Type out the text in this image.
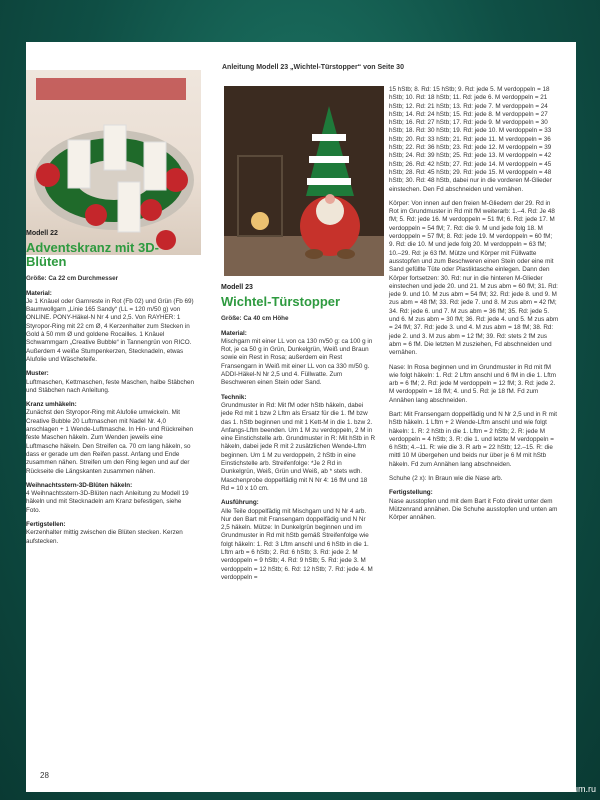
Anleitung Modell 23 „Wichtel-Türstopper“ von Seite 30
Modell 22
Adventskranz mit 3D-Blüten

Größe: Ca 22 cm Durchmesser

Material:
Je 1 Knäuel oder Garnreste in Rot (Fb 02) und Grün (Fb 69) Baumwollgarn „Linie 165 Sandy“ (LL = 120 m/50 g) von ONLINE. PONY-Häkel-N Nr 4 und 2,5. Von RAYHER: 1 Styropor-Ring mit 22 cm Ø, 4 Kerzenhalter zum Stecken in Gold à 50 mm Ø und goldene Rocailles. 1 Knäuel Schwammgarn „Creative Bubble“ in Tannengrün von RICO. Außerdem 4 weiße Stumpenkerzen, Stecknadeln, etwas Alufolie und Wäscheteife.

Muster:
Luftmaschen, Kettmaschen, feste Maschen, halbe Stäbchen und Stäbchen nach Anleitung.

Kranz umhäkeln:
Zunächst den Styropor-Ring mit Alufolie umwickeln. Mit Creative Bubble 20 Luftmaschen mit Nadel Nr. 4,0 anschlagen + 1 Wende-Luftmasche. In Hin- und Rückreihen feste Maschen häkeln. Zum Wenden jeweils eine Luftmasche häkeln. Den Streifen ca. 70 cm lang häkeln, so dass er gerade um den Reifen passt. Anfang und Ende zusammen nähen. Streifen um den Ring legen und auf der Rückseite die Längskanten zusammen nähen.

Weihnachtsstern-3D-Blüten häkeln:
4 Weihnachtsstern-3D-Blüten nach Anleitung zu Modell 19 häkeln und mit Stecknadeln am Kranz befestigen, siehe Foto.

Fertigstellen:
Kerzenhalter mittig zwischen die Blüten stecken. Kerzen aufstecken.

Modell 23
Wichtel-Türstopper

Größe: Ca 40 cm Höhe

Material:
Mischgarn mit einer LL von ca 130 m/50 g: ca 100 g in Rot, je ca 50 g in Grün, Dunkelgrün, Weiß und Braun sowie ein Rest in Rosa; außerdem ein Rest Fransengarn in Weiß mit einer LL von ca 330 m/50 g. ADDI-Häkel-N Nr 2,5 und 4. Füllwatte. Zum Beschweren einen Stein oder Sand.

Technik:
Grundmuster in Rd: Mit fM oder hStb häkeln, dabei jede Rd mit 1 bzw 2 Lftm als Ersatz für die 1. fM bzw das 1. hStb beginnen und mit 1 Kett-M in die 1. bzw 2. Anfangs-Lftm beenden. Um 1 M zu verdoppeln, 2 M in eine Einstichstelle arb. Grundmuster in R: Mit hStb in R häkeln, dabei jede R mit 2 zusätzlichen Wende-Lftm beginnen. Um 1 M zu verdoppeln, 2 hStb in eine Einstichstelle arb. Streifenfolge: *Je 2 Rd in Dunkelgrün, Weiß, Grün und Weiß, ab * stets wdh. Maschenprobe doppelfädig mit N Nr 4: 16 fM und 18 Rd = 10 x 10 cm.

Ausführung:
Alle Teile doppelfädig mit Mischgarn und N Nr 4 arb. Nur den Bart mit Fransengarn doppelfädig und N Nr 2,5 häkeln. Mütze: In Dunkelgrün beginnen und im Grundmuster in Rd mit hStb gemäß Streifenfolge wie folgt häkeln: 1. Rd: 3 Lftm anschl und 6 hStb in die 1. Lftm arb = 6 hStb; 2. Rd: 6 hStb; 3. Rd: jede 2. M verdoppeln = 9 hStb; 4. Rd: 9 hStb; 5. Rd: jede 3. M verdoppeln = 12 hStb; 6. Rd: 12 hStb; 7. Rd: jede 4. M verdoppeln =

15 hStb; 8. Rd: 15 hStb; 9. Rd: jede 5. M verdoppeln = 18 hStb; 10. Rd: 18 hStb; 11. Rd: jede 6. M verdoppeln = 21 hStb; 12. Rd: 21 hStb; 13. Rd: jede 7. M verdoppeln = 24 hStb; 14. Rd: 24 hStb; 15. Rd: jede 8. M verdoppeln = 27 hStb; 16. Rd: 27 hStb; 17. Rd: jede 9. M verdoppeln = 30 hStb; 18. Rd: 30 hStb; 19. Rd: jede 10. M verdoppeln = 33 hStb; 20. Rd: 33 hStb; 21. Rd: jede 11. M verdoppeln = 36 hStb; 22. Rd: 36 hStb; 23. Rd: jede 12. M verdoppeln = 39 hStb; 24. Rd: 39 hStb; 25. Rd: jede 13. M verdoppeln = 42 hStb; 26. Rd: 42 hStb; 27. Rd: jede 14. M verdoppeln = 45 hStb; 28. Rd: 45 hStb; 29. Rd: jede 15. M verdoppeln = 48 hStb; 30. Rd: 48 hStb, dabei nur in die vorderen M-Glieder einstechen. Den Fd abschneiden und vernähen.

Körper: Von innen auf den freien M-Gliedern der 29. Rd in Rot im Grundmuster in Rd mit fM weiterarb: 1.–4. Rd: Je 48 fM; 5. Rd: jede 16. M verdoppeln = 51 fM; 6. Rd: jede 17. M verdoppeln = 54 fM; 7. Rd: die 9. M und jede folg 18. M verdoppeln = 57 fM; 8. Rd: jede 19. M verdoppeln = 60 fM; 9. Rd: die 10. M und jede folg 20. M verdoppeln = 63 fM; 10.–29. Rd: je 63 fM. Mütze und Körper mit Füllwatte ausstopfen und zum Beschweren einen Stein oder eine mit Sand gefüllte Tüte oder Plastiktasche einlegen. Dann den Körper fortsetzen: 30. Rd: nur in die hinteren M-Glieder einstechen und jede 20. und 21. M zus abm = 60 fM; 31. Rd: jede 9. und 10. M zus abm = 54 fM; 32. Rd: jede 8. und 9. M zus abm = 48 fM; 33. Rd: jede 7. und 8. M zus abm = 42 fM; 34. Rd: jede 6. und 7. M zus abm = 36 fM; 35. Rd: jede 5. und 6. M zus abm = 30 fM; 36. Rd: jede 4. und 5. M zus abm = 24 fM; 37. Rd: jede 3. und 4. M zus abm = 18 fM; 38. Rd: jede 2. und 3. M zus abm = 12 fM; 39. Rd: stets 2 fM zus abm = 6 fM. Die letzten M zusziehen, Fd abschneiden und vernähen.

Nase: In Rosa beginnen und im Grundmuster in Rd mit fM wie folgt häkeln: 1. Rd: 2 Lftm anschl und 6 fM in die 1. Lftm arb = 6 fM; 2. Rd: jede M verdoppeln = 12 fM; 3. Rd: jede 2. M verdoppeln = 18 fM; 4. und 5. Rd: je 18 fM. Fd zum Annähen lang abschneiden.

Bart: Mit Fransengarn doppelfädig und N Nr 2,5 und in R mit hStb häkeln. 1 Lftm + 2 Wende-Lftm anschl und wie folgt häkeln: 1. R: 2 hStb in die 1. Lftm = 2 hStb; 2. R: jede M verdoppeln = 4 hStb; 3. R: die 1. und letzte M verdoppeln = 6 hStb; 4.–11. R: wie die 3. R arb = 22 hStb; 12.–15. R: die mittl 10 M übergehen und beids nur über je 6 M mit hStb häkeln. Fd zum Annähen lang abschneiden.

Schuhe (2 x): In Braun wie die Nase arb.

Fertigstellung:
Nase ausstopfen und mit dem Bart it Foto direkt unter dem Mützenrand annähen. Die Schuhe ausstopfen und unten am Körper annähen.

28
PassionForum.ru
